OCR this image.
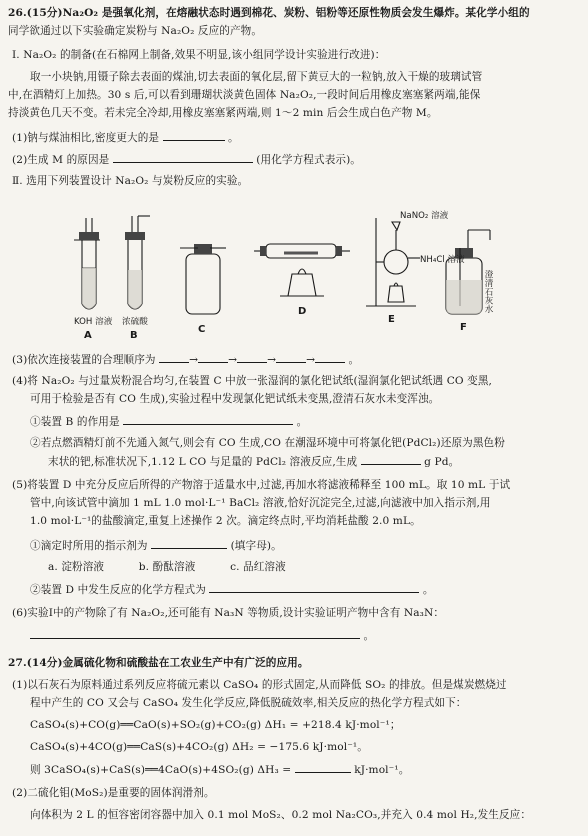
26.(15分)Na₂O₂ 是强氧化剂，在熔融状态时遇到棉花、炭粉、铝粉等还原性物质会发生爆炸。某化学小组的
同学欲通过以下实验确定炭粉与 Na₂O₂ 反应的产物。
Ⅰ. Na₂O₂ 的制备(在石棉网上制备,效果不明显,该小组同学设计实验进行改进)：
取一小块钠,用镊子除去表面的煤油,切去表面的氧化层,留下黄豆大的一粒钠,放入干燥的玻璃试管
中,在酒精灯上加热。30 s 后,可以看到珊瑚状淡黄色固体 Na₂O₂,一段时间后用橡皮塞塞紧两端,能保
持淡黄色几天不变。若未完全冷却,用橡皮塞塞紧两端,则 1～2 min 后会生成白色产物 M。
(1)钠与煤油相比,密度更大的是	。
(2)生成 M 的原因是	(用化学方程式表示)。
Ⅱ. 选用下列装置设计 Na₂O₂ 与炭粉反应的实验。
NaNO₂ 溶液
NH₄Cl 溶液
KOH 溶液 浓硫酸
澄清石灰水
A	B
C
D
E
F
(3)依次连接装置的合理顺序为	→	→	→	→	。
(4)将 Na₂O₂ 与过量炭粉混合均匀,在装置 C 中放一张湿润的氯化钯试纸(湿润氯化钯试纸遇 CO 变黑,
可用于检验是否有 CO 生成),实验过程中发现氯化钯试纸未变黑,澄清石灰水未变浑浊。
①装置 B 的作用是	。
②若点燃酒精灯前不先通入氮气,则会有 CO 生成,CO 在潮湿环境中可将氯化钯(PdCl₂)还原为黑色粉
末状的钯,标准状况下,1.12 L CO 与足量的 PdCl₂ 溶液反应,生成	g Pd。
(5)将装置 D 中充分反应后所得的产物溶于适量水中,过滤,再加水将滤液稀释至 100 mL。取 10 mL 于试
管中,向该试管中滴加 1 mL 1.0 mol·L⁻¹ BaCl₂ 溶液,恰好沉淀完全,过滤,向滤液中加入指示剂,用
1.0 mol·L⁻¹的盐酸滴定,重复上述操作 2 次。滴定终点时,平均消耗盐酸 2.0 mL。
①滴定时所用的指示剂为	(填字母)。
a. 淀粉溶液          b. 酚酞溶液          c. 品红溶液
②装置 D 中发生反应的化学方程式为	。
(6)实验Ⅰ中的产物除了有 Na₂O₂,还可能有 Na₃N 等物质,设计实验证明产物中含有 Na₃N：
。
27.(14分)金属硫化物和硫酸盐在工农业生产中有广泛的应用。
(1)以石灰石为原料通过系列反应将硫元素以 CaSO₄ 的形式固定,从而降低 SO₂ 的排放。但是煤炭燃烧过
程中产生的 CO 又会与 CaSO₄ 发生化学反应,降低脱硫效率,相关反应的热化学方程式如下：
CaSO₄(s)+CO(g)══CaO(s)+SO₂(g)+CO₂(g) ΔH₁ = +218.4 kJ·mol⁻¹；
CaSO₄(s)+4CO(g)══CaS(s)+4CO₂(g) ΔH₂ = −175.6 kJ·mol⁻¹。
则 3CaSO₄(s)+CaS(s)══4CaO(s)+4SO₂(g) ΔH₃ =	kJ·mol⁻¹。
(2)二硫化钼(MoS₂)是重要的固体润滑剂。
向体积为 2 L 的恒容密闭容器中加入 0.1 mol MoS₂、0.2 mol Na₂CO₃,并充入 0.4 mol H₂,发生反应：
